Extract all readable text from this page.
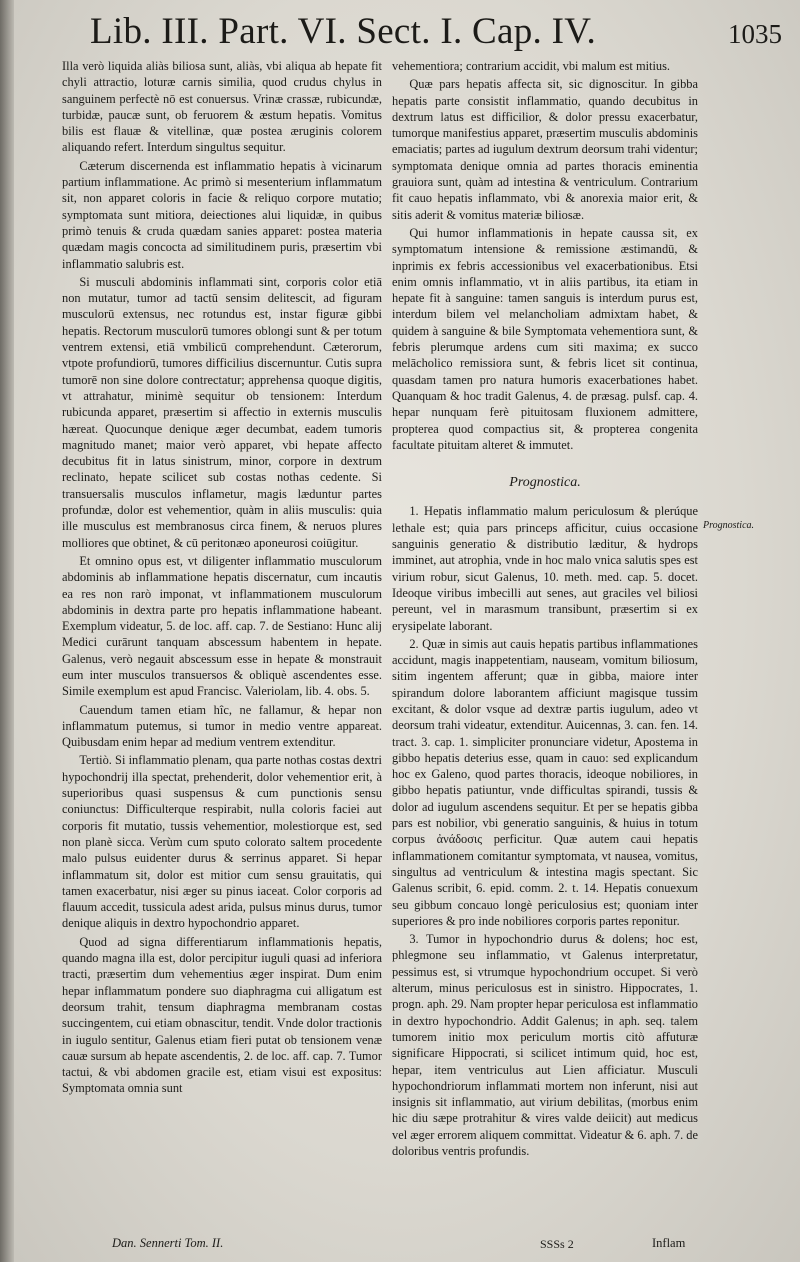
Lib. III. Part. VI. Sect. I. Cap. IV.	1035

Illa verò liquida aliàs biliosa sunt, aliàs, vbi aliqua ab hepate fit chyli attractio, loturæ carnis similia, quod crudus chylus in sanguinem perfectè nō est conuersus. Vrinæ crassæ, rubicundæ, turbidæ, paucæ sunt, ob feruorem & æstum hepatis. Vomitus bilis est flauæ & vitellinæ, quæ postea æruginis colorem aliquando refert. Interdum singultus sequitur.

Cæterum discernenda est inflammatio hepatis à vicinarum partium inflammatione. Ac primò si mesenterium inflammatum sit, non apparet coloris in facie & reliquo corpore mutatio; symptomata sunt mitiora, deiectiones alui liquidæ, in quibus primò tenuis & cruda quædam sanies apparet: postea materia quædam magis concocta ad similitudinem puris, præsertim vbi inflammatio salubris est.

Si musculi abdominis inflammati sint, corporis color etiā non mutatur, tumor ad tactū sensim delitescit, ad figuram musculorū extensus, nec rotundus est, instar figuræ gibbi hepatis. Rectorum musculorū tumores oblongi sunt & per totum ventrem extensi, etiā vmbilicū comprehendunt. Cæterorum, vtpote profundiorū, tumores difficilius discernuntur. Cutis supra tumorē non sine dolore contrectatur; apprehensa quoque digitis, vt attrahatur, minimè sequitur ob tensionem: Interdum rubicunda apparet, præsertim si affectio in externis musculis hæreat. Quocunque denique æger decumbat, eadem tumoris magnitudo manet; maior verò apparet, vbi hepate affecto decubitus fit in latus sinistrum, minor, corpore in dextrum reclinato, hepate scilicet sub costas nothas cedente. Si transuersalis musculos inflametur, magis læduntur partes profundæ, dolor est vehementior, quàm in aliis musculis: quia ille musculus est membranosus circa finem, & neruos plures molliores que obtinet, & cū peritonæo aponeurosi coiūgitur.

Et omnino opus est, vt diligenter inflammatio musculorum abdominis ab inflammatione hepatis discernatur, cum incautis ea res non rarò imponat, vt inflammationem musculorum abdominis in dextra parte pro hepatis inflammatione habeant. Exemplum videatur, 5. de loc. aff. cap. 7. de Sestiano: Hunc alij Medici curārunt tanquam abscessum habentem in hepate. Galenus, verò negauit abscessum esse in hepate & monstrauit eum inter musculos transuersos & obliquè ascendentes esse. Simile exemplum est apud Francisc. Valeriolam, lib. 4. obs. 5.

Cauendum tamen etiam hîc, ne fallamur, & hepar non inflammatum putemus, si tumor in medio ventre appareat. Quibusdam enim hepar ad medium ventrem extenditur.

Tertiò. Si inflammatio plenam, qua parte nothas costas dextri hypochondrij illa spectat, prehenderit, dolor vehementior erit, à superioribus quasi suspensus & cum punctionis sensu coniunctus: Difficulterque respirabit, nulla coloris faciei aut corporis fit mutatio, tussis vehementior, molestiorque est, sed non planè sicca. Verùm cum sputo colorato saltem procedente malo pulsus euidenter durus & serrinus apparet. Si hepar inflammatum sit, dolor est mitior cum sensu grauitatis, qui tamen exacerbatur, nisi æger su pinus iaceat. Color corporis ad flauum accedit, tussicula adest arida, pulsus minus durus, tumor denique aliquis in dextro hypochondrio apparet.

Quod ad signa differentiarum inflammationis hepatis, quando magna illa est, dolor percipitur iuguli quasi ad inferiora tracti, præsertim dum vehementius æger inspirat. Dum enim hepar inflammatum pondere suo diaphragma cui alligatum est deorsum trahit, tensum diaphragma membranam costas succingentem, cui etiam obnascitur, tendit. Vnde dolor tractionis in iugulo sentitur, Galenus etiam fieri putat ob tensionem venæ cauæ sursum ab hepate ascendentis, 2. de loc. aff. cap. 7. Tumor tactui, & vbi abdomen gracile est, etiam visui est expositus: Symptomata omnia sunt

vehementiora; contrarium accidit, vbi malum est mitius.

Quæ pars hepatis affecta sit, sic dignoscitur. In gibba hepatis parte consistit inflammatio, quando decubitus in dextrum latus est difficilior, & dolor pressu exacerbatur, tumorque manifestius apparet, præsertim musculis abdominis emaciatis; partes ad iugulum dextrum deorsum trahi videntur; symptomata denique omnia ad partes thoracis eminentia grauiora sunt, quàm ad intestina & ventriculum. Contrarium fit cauo hepatis inflammato, vbi & anorexia maior erit, & sitis aderit & vomitus materiæ biliosæ.

Qui humor inflammationis in hepate caussa sit, ex symptomatum intensione & remissione æstimandū, & inprimis ex febris accessionibus vel exacerbationibus. Etsi enim omnis inflammatio, vt in aliis partibus, ita etiam in hepate fit à sanguine: tamen sanguis is interdum purus est, interdum bilem vel melancholiam admixtam habet, & quidem à sanguine & bile Symptomata vehementiora sunt, & febris plerumque ardens cum siti maxima; ex succo melācholico remissiora sunt, & febris licet sit continua, quasdam tamen pro natura humoris exacerbationes habet. Quanquam & hoc tradit Galenus, 4. de præsag. pulsf. cap. 4. hepar nunquam ferè pituitosam fluxionem admittere, propterea quod compactius sit, & propterea congenita facultate pituitam alteret & immutet.

Prognostica.

1. Hepatis inflammatio malum periculosum & plerúque lethale est; quia pars princeps afficitur, cuius occasione sanguinis generatio & distributio læditur, & hydrops imminet, aut atrophia, vnde in hoc malo vnica salutis spes est virium robur, sicut Galenus, 10. meth. med. cap. 5. docet. Ideoque viribus imbecilli aut senes, aut graciles vel biliosi pereunt, vel in marasmum transibunt, præsertim si ex erysipelate laborant.

2. Quæ in simis aut cauis hepatis partibus inflammationes accidunt, magis inappetentiam, nauseam, vomitum biliosum, sitim ingentem afferunt; quæ in gibba, maiore inter spirandum dolore laborantem afficiunt magisque tussim excitant, & dolor vsque ad dextræ partis iugulum, adeo vt deorsum trahi videatur, extenditur. Auicennas, 3. can. fen. 14. tract. 3. cap. 1. simpliciter pronunciare videtur, Apostema in gibbo hepatis deterius esse, quam in cauo: sed explicandum hoc ex Galeno, quod partes thoracis, ideoque nobiliores, in gibbo hepatis patiuntur, vnde difficultas spirandi, tussis & dolor ad iugulum ascendens sequitur. Et per se hepatis gibba pars est nobilior, vbi generatio sanguinis, & huius in totum corpus ἀνάδοσις perficitur. Quæ autem caui hepatis inflammationem comitantur symptomata, vt nausea, vomitus, singultus ad ventriculum & intestina magis spectant. Sic Galenus scribit, 6. epid. comm. 2. t. 14. Hepatis conuexum seu gibbum concauo longè periculosius est; quoniam inter superiores & pro inde nobiliores corporis partes reponitur.

3. Tumor in hypochondrio durus & dolens; hoc est, phlegmone seu inflammatio, vt Galenus interpretatur, pessimus est, si vtrumque hypochondrium occupet. Si verò alterum, minus periculosus est in sinistro. Hippocrates, 1. progn. aph. 29. Nam propter hepar periculosa est inflammatio in dextro hypochondrio. Addit Galenus; in aph. seq. talem tumorem initio mox periculum mortis citò affuturæ significare Hippocrati, si scilicet intimum quid, hoc est, hepar, item ventriculus aut Lien afficiatur. Musculi hypochondriorum inflammati mortem non inferunt, nisi aut insignis sit inflammatio, aut virium debilitas, (morbus enim hic diu sæpe protrahitur & vires valde deiicit) aut medicus vel æger errorem aliquem committat. Videatur & 6. aph. 7. de doloribus ventris profundis.

Prognostica.
Dan. Sennerti Tom. II.	SSSs 2	Inflam
